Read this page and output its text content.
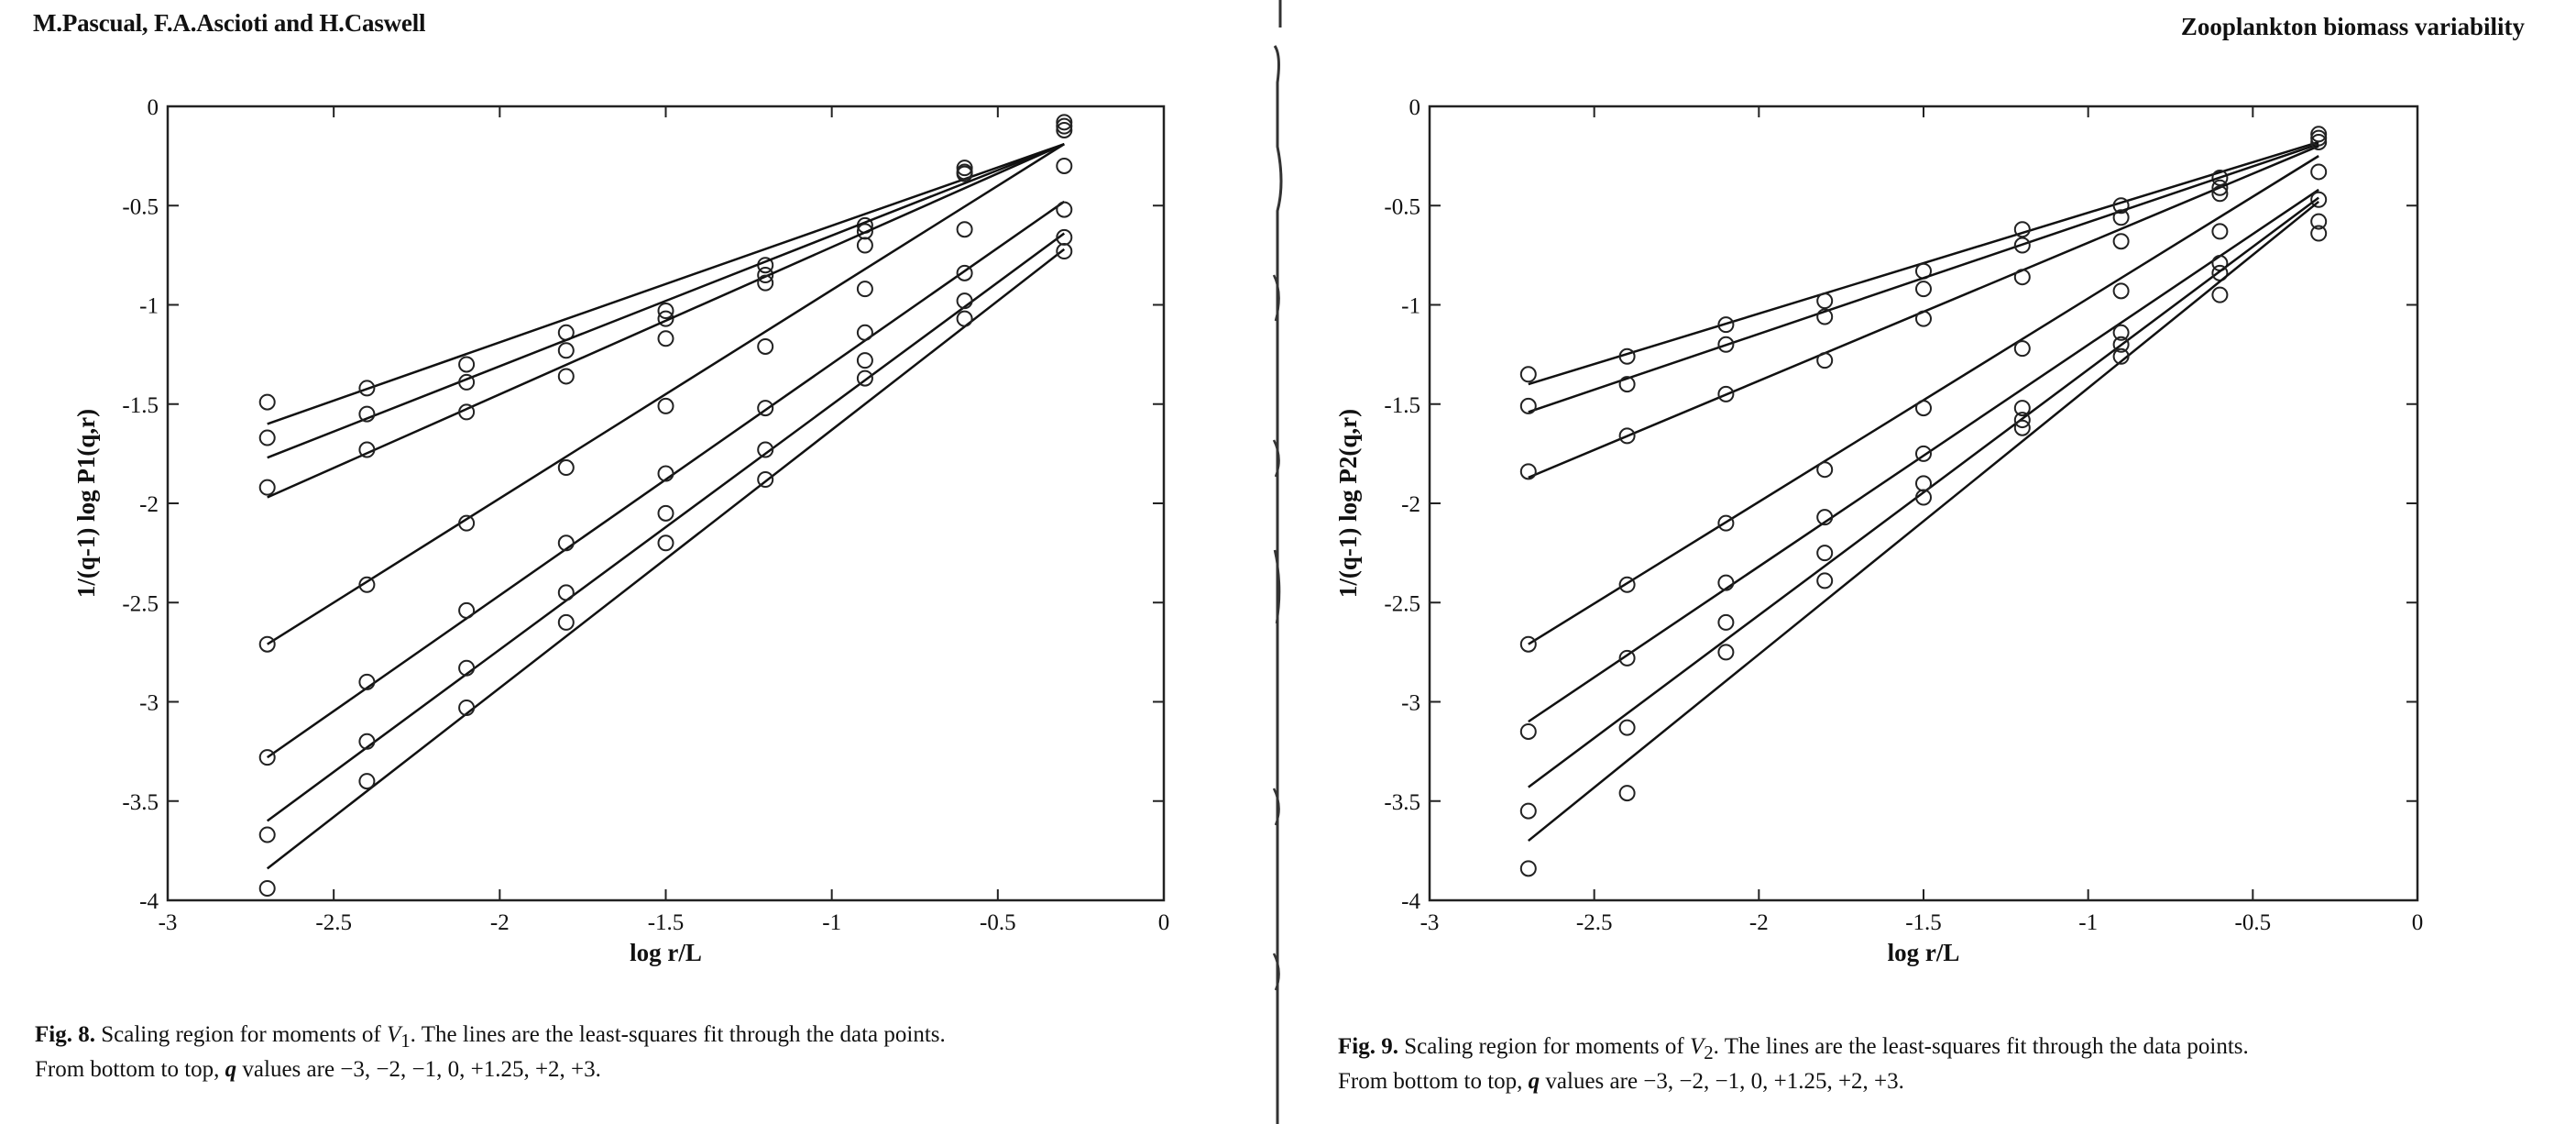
M.Pascual, F.A.Ascioti and H.Caswell	Zooplankton biomass variability
-3	-2.5	-2	-1.5	-1	-0.5	0
0
-0.5
-1
-1.5
-2
-2.5
-3
-3.5
-4
log r/L
1/(q-1) log P1(q,r)
-3	-2.5	-2	-1.5	-1	-0.5	0
0
-0.5
-1
-1.5
-2
-2.5
-3
-3.5
-4
log r/L
1/(q-1) log P2(q,r)
Fig. 8. Scaling region for moments of $V_1$. The lines are the least-squares fit through the data points.
From bottom to top, q values are −3, −2, −1, 0, +1.25, +2, +3.
Fig. 9. Scaling region for moments of $V_2$. The lines are the least-squares fit through the data points.
From bottom to top, q values are −3, −2, −1, 0, +1.25, +2, +3.
